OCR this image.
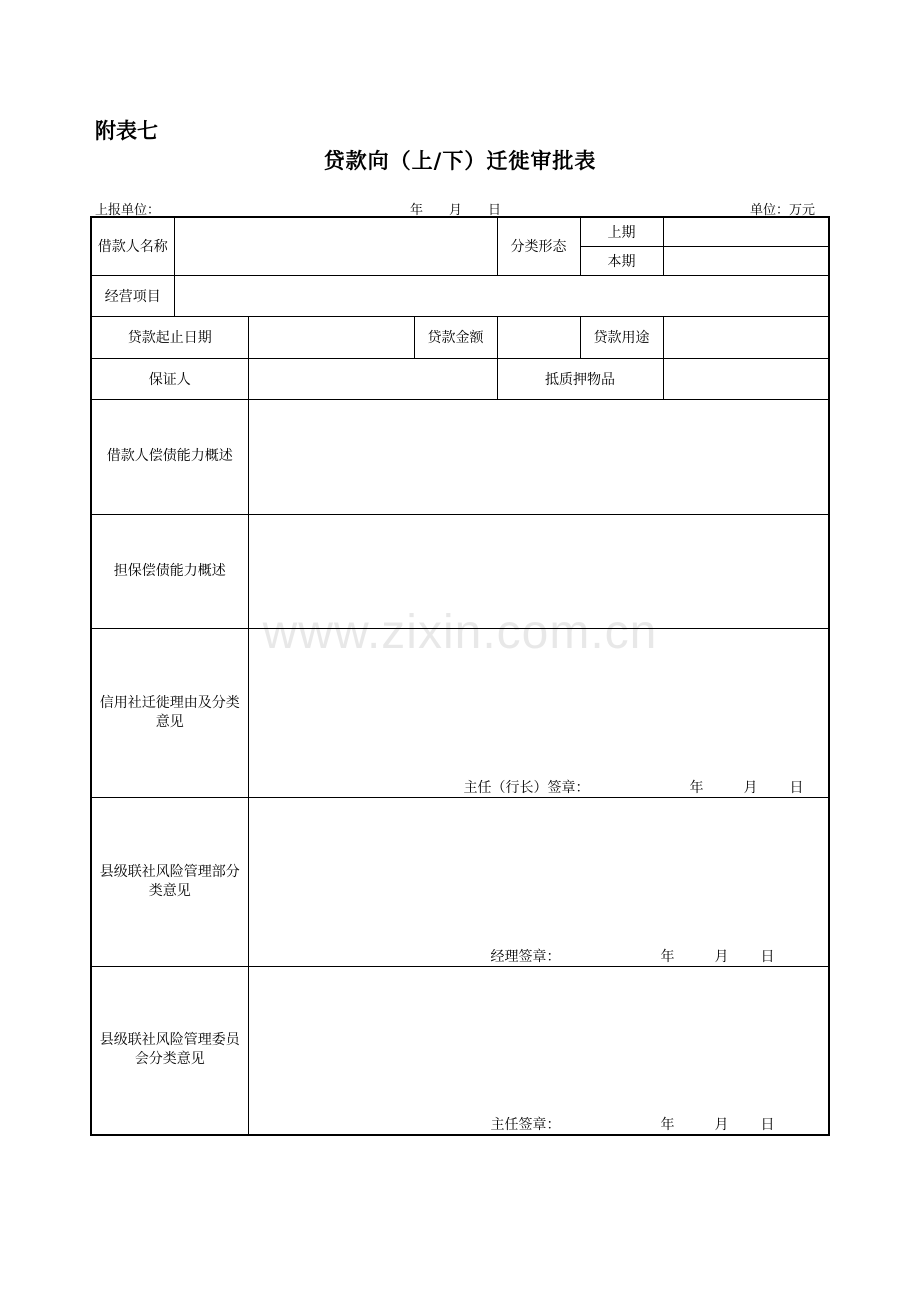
附表七
贷款向（上/下）迁徙审批表
上报单位：	年 月 日	单位：万元
借款人名称				分类形态	上期	
					本期	
经营项目						
贷款起止日期			贷款金额		贷款用途	
保证人				抵质押物品		
借款人偿债能力概述						
担保偿债能力概述						
信用社迁徙理由及分类意见		主任（行长）签章： 年 月 日				

县级联社风险管理部分类意见		经理签章： 年 月 日				

县级联社风险管理委员会分类意见		主任签章： 年 月 日				
www.zixin.com.cn
